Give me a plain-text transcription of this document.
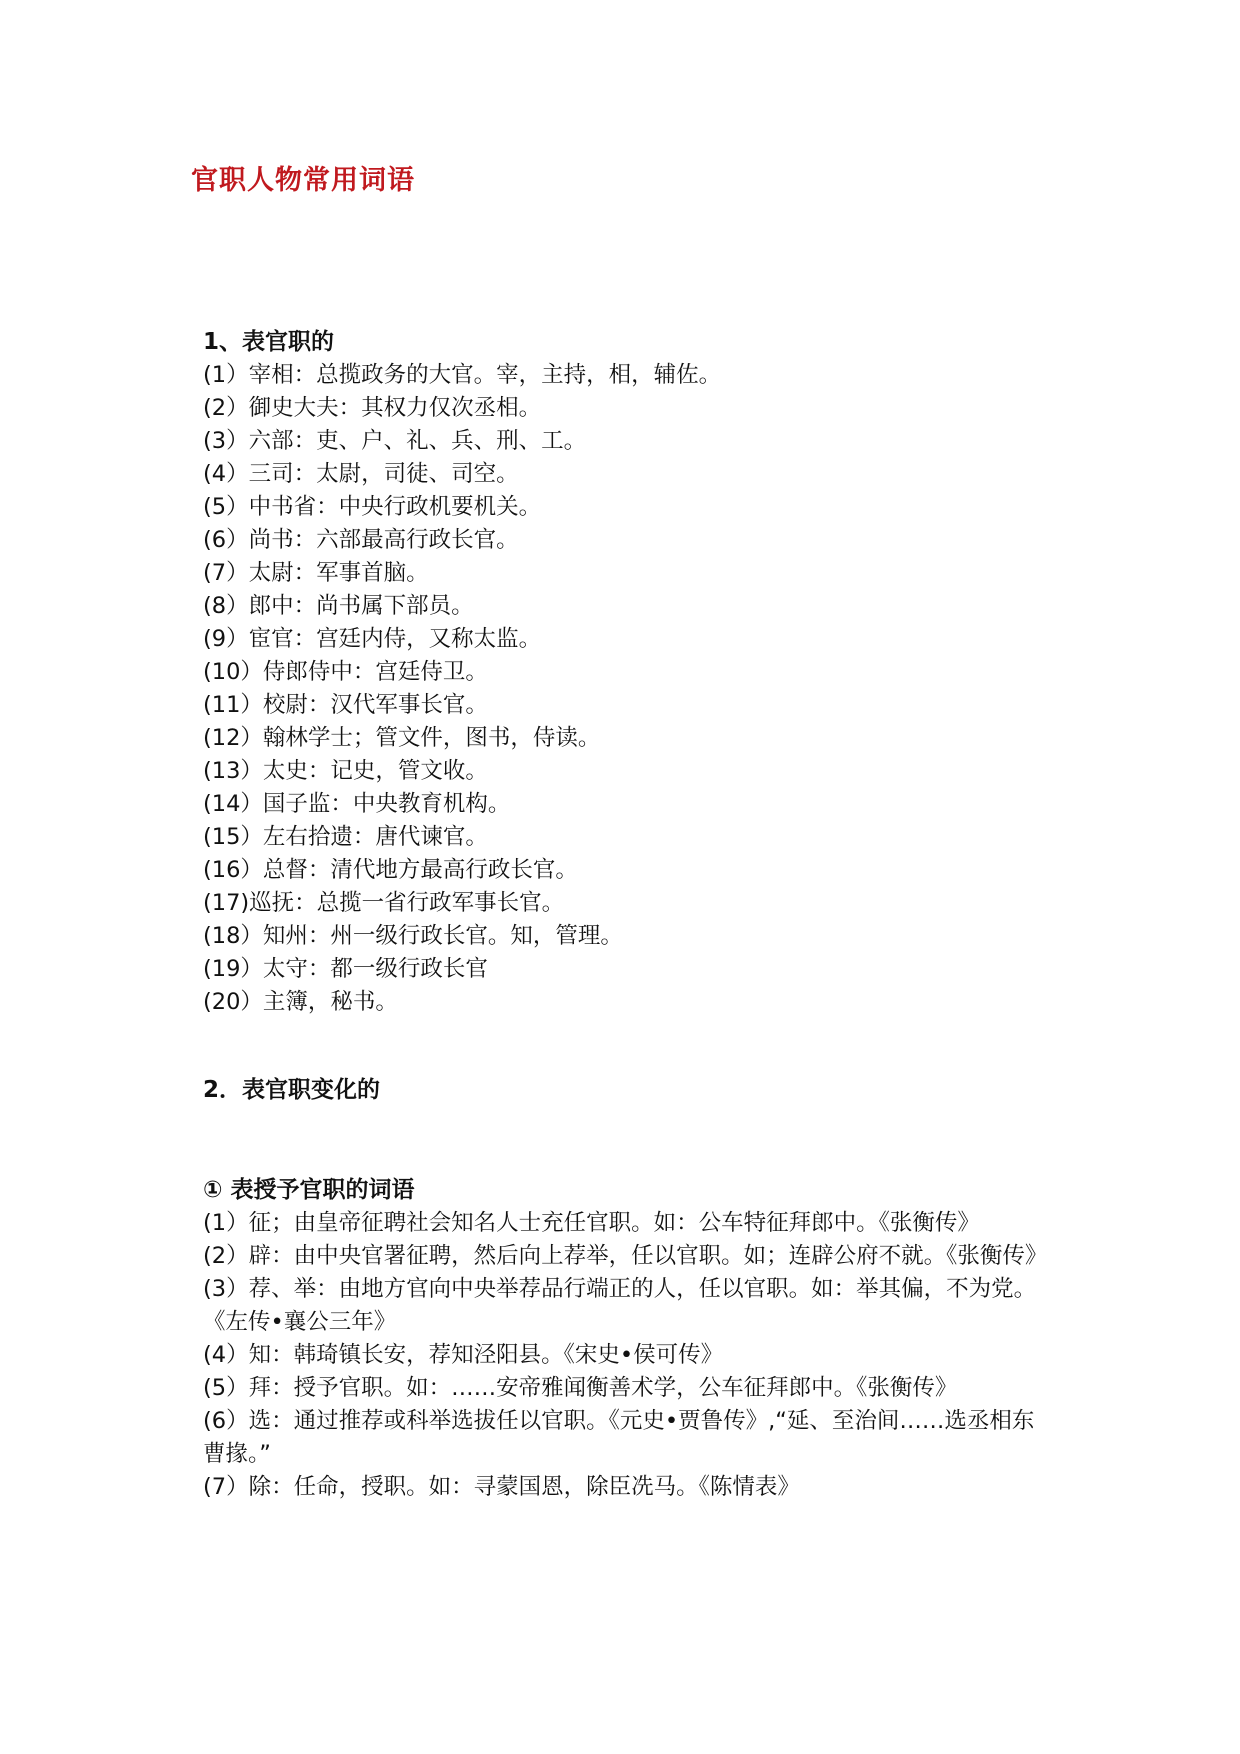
官职人物常用词语
1、表官职的
(1）宰相：总揽政务的大官。宰，主持，相，辅佐。
(2）御史大夫：其权力仅次丞相。
(3）六部：吏、户、礼、兵、刑、工。
(4）三司：太尉，司徒、司空。
(5）中书省：中央行政机要机关。
(6）尚书：六部最高行政长官。
(7）太尉：军事首脑。
(8）郎中：尚书属下部员。
(9）宦官：宫廷内侍，又称太监。
(10）侍郎侍中：宫廷侍卫。
(11）校尉：汉代军事长官。
(12）翰林学士；管文件，图书，侍读。
(13）太史：记史，管文收。
(14）国子监：中央教育机构。
(15）左右拾遗：唐代谏官。
(16）总督：清代地方最高行政长官。
(17)巡抚：总揽一省行政军事长官。
(18）知州：州一级行政长官。知，管理。
(19）太守：都一级行政长官
(20）主簿，秘书。
2．表官职变化的
① 表授予官职的词语
(1）征；由皇帝征聘社会知名人士充任官职。如：公车特征拜郎中。《张衡传》
(2）辟：由中央官署征聘，然后向上荐举，任以官职。如；连辟公府不就。《张衡传》
(3）荐、举：由地方官向中央举荐品行端正的人，任以官职。如：举其偏，不为党。《左传•襄公三年》
(4）知：韩琦镇长安，荐知泾阳县。《宋史•侯可传》
(5）拜：授予官职。如：……安帝雅闻衡善术学，公车征拜郎中。《张衡传》
(6）选：通过推荐或科举选拔任以官职。《元史•贾鲁传》,“延、至治间……选丞相东曹掾。”
(7）除：任命，授职。如：寻蒙国恩，除臣冼马。《陈情表》
